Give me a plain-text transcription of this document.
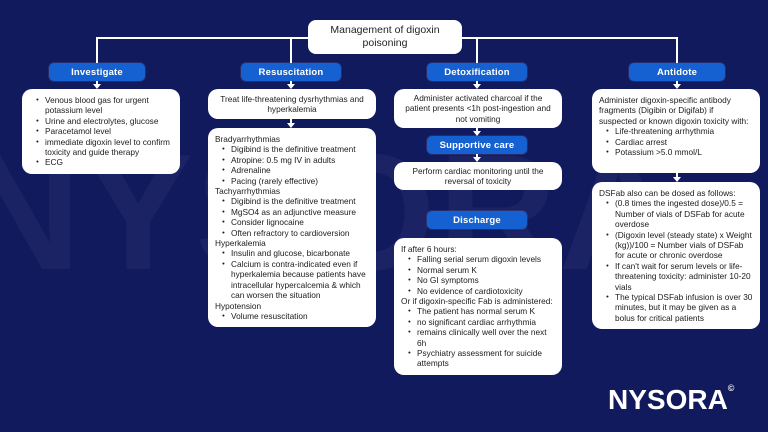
Management of digoxin poisoning
Investigate	Resuscitation	Detoxification	Antidote
• Venous blood gas for urgent potassium level
• Urine and electrolytes, glucose
• Paracetamol level
• immediate digoxin level to confirm toxicity and guide therapy
• ECG
Treat life-threatening dysrhythmias and hyperkalemia
Bradyarrhythmias
• Digibind is the definitive treatment
• Atropine: 0.5 mg IV in adults
• Adrenaline
• Pacing (rarely effective)
Tachyarrhythmias
• Digibind is the definitive treatment
• MgSO4 as an adjunctive measure
• Consider lignocaine
• Often refractory to cardioversion
Hyperkalemia
• Insulin and glucose, bicarbonate
• Calcium is contra-indicated even if hyperkalemia because patients have intracellular hypercalcemia & which can worsen the situation
Hypotension
• Volume resuscitation
Administer activated charcoal if the patient presents <1h post-ingestion and not vomiting
Supportive care
Perform cardiac monitoring until the reversal of toxicity
Discharge
If after 6 hours:
• Falling serial serum digoxin levels
• Normal serum K
• No GI symptoms
• No evidence of cardiotoxicity
Or if digoxin-specific Fab is administered:
• The patient has normal serum K
• no significant cardiac arrhythmia
• remains clinically well over the next 6h
• Psychiatry assessment for suicide attempts
Administer digoxin-specific antibody fragments (Digibin or Digifab) if suspected or known digoxin toxicity with:
• Life-threatening arrhythmia
• Cardiac arrest
• Potassium >5.0 mmol/L
DSFab also can be dosed as follows:
• (0.8 times the ingested dose)/0.5 = Number of vials of DSFab for acute overdose
• (Digoxin level (steady state) x Weight (kg))/100 = Number vials of DSFab for acute or chronic overdose
• If can't wait for serum levels or life-threatening toxicity: administer 10-20 vials
• The typical DSFab infusion is over 30 minutes, but it may be given as a bolus for critical patients
NYSORA©
